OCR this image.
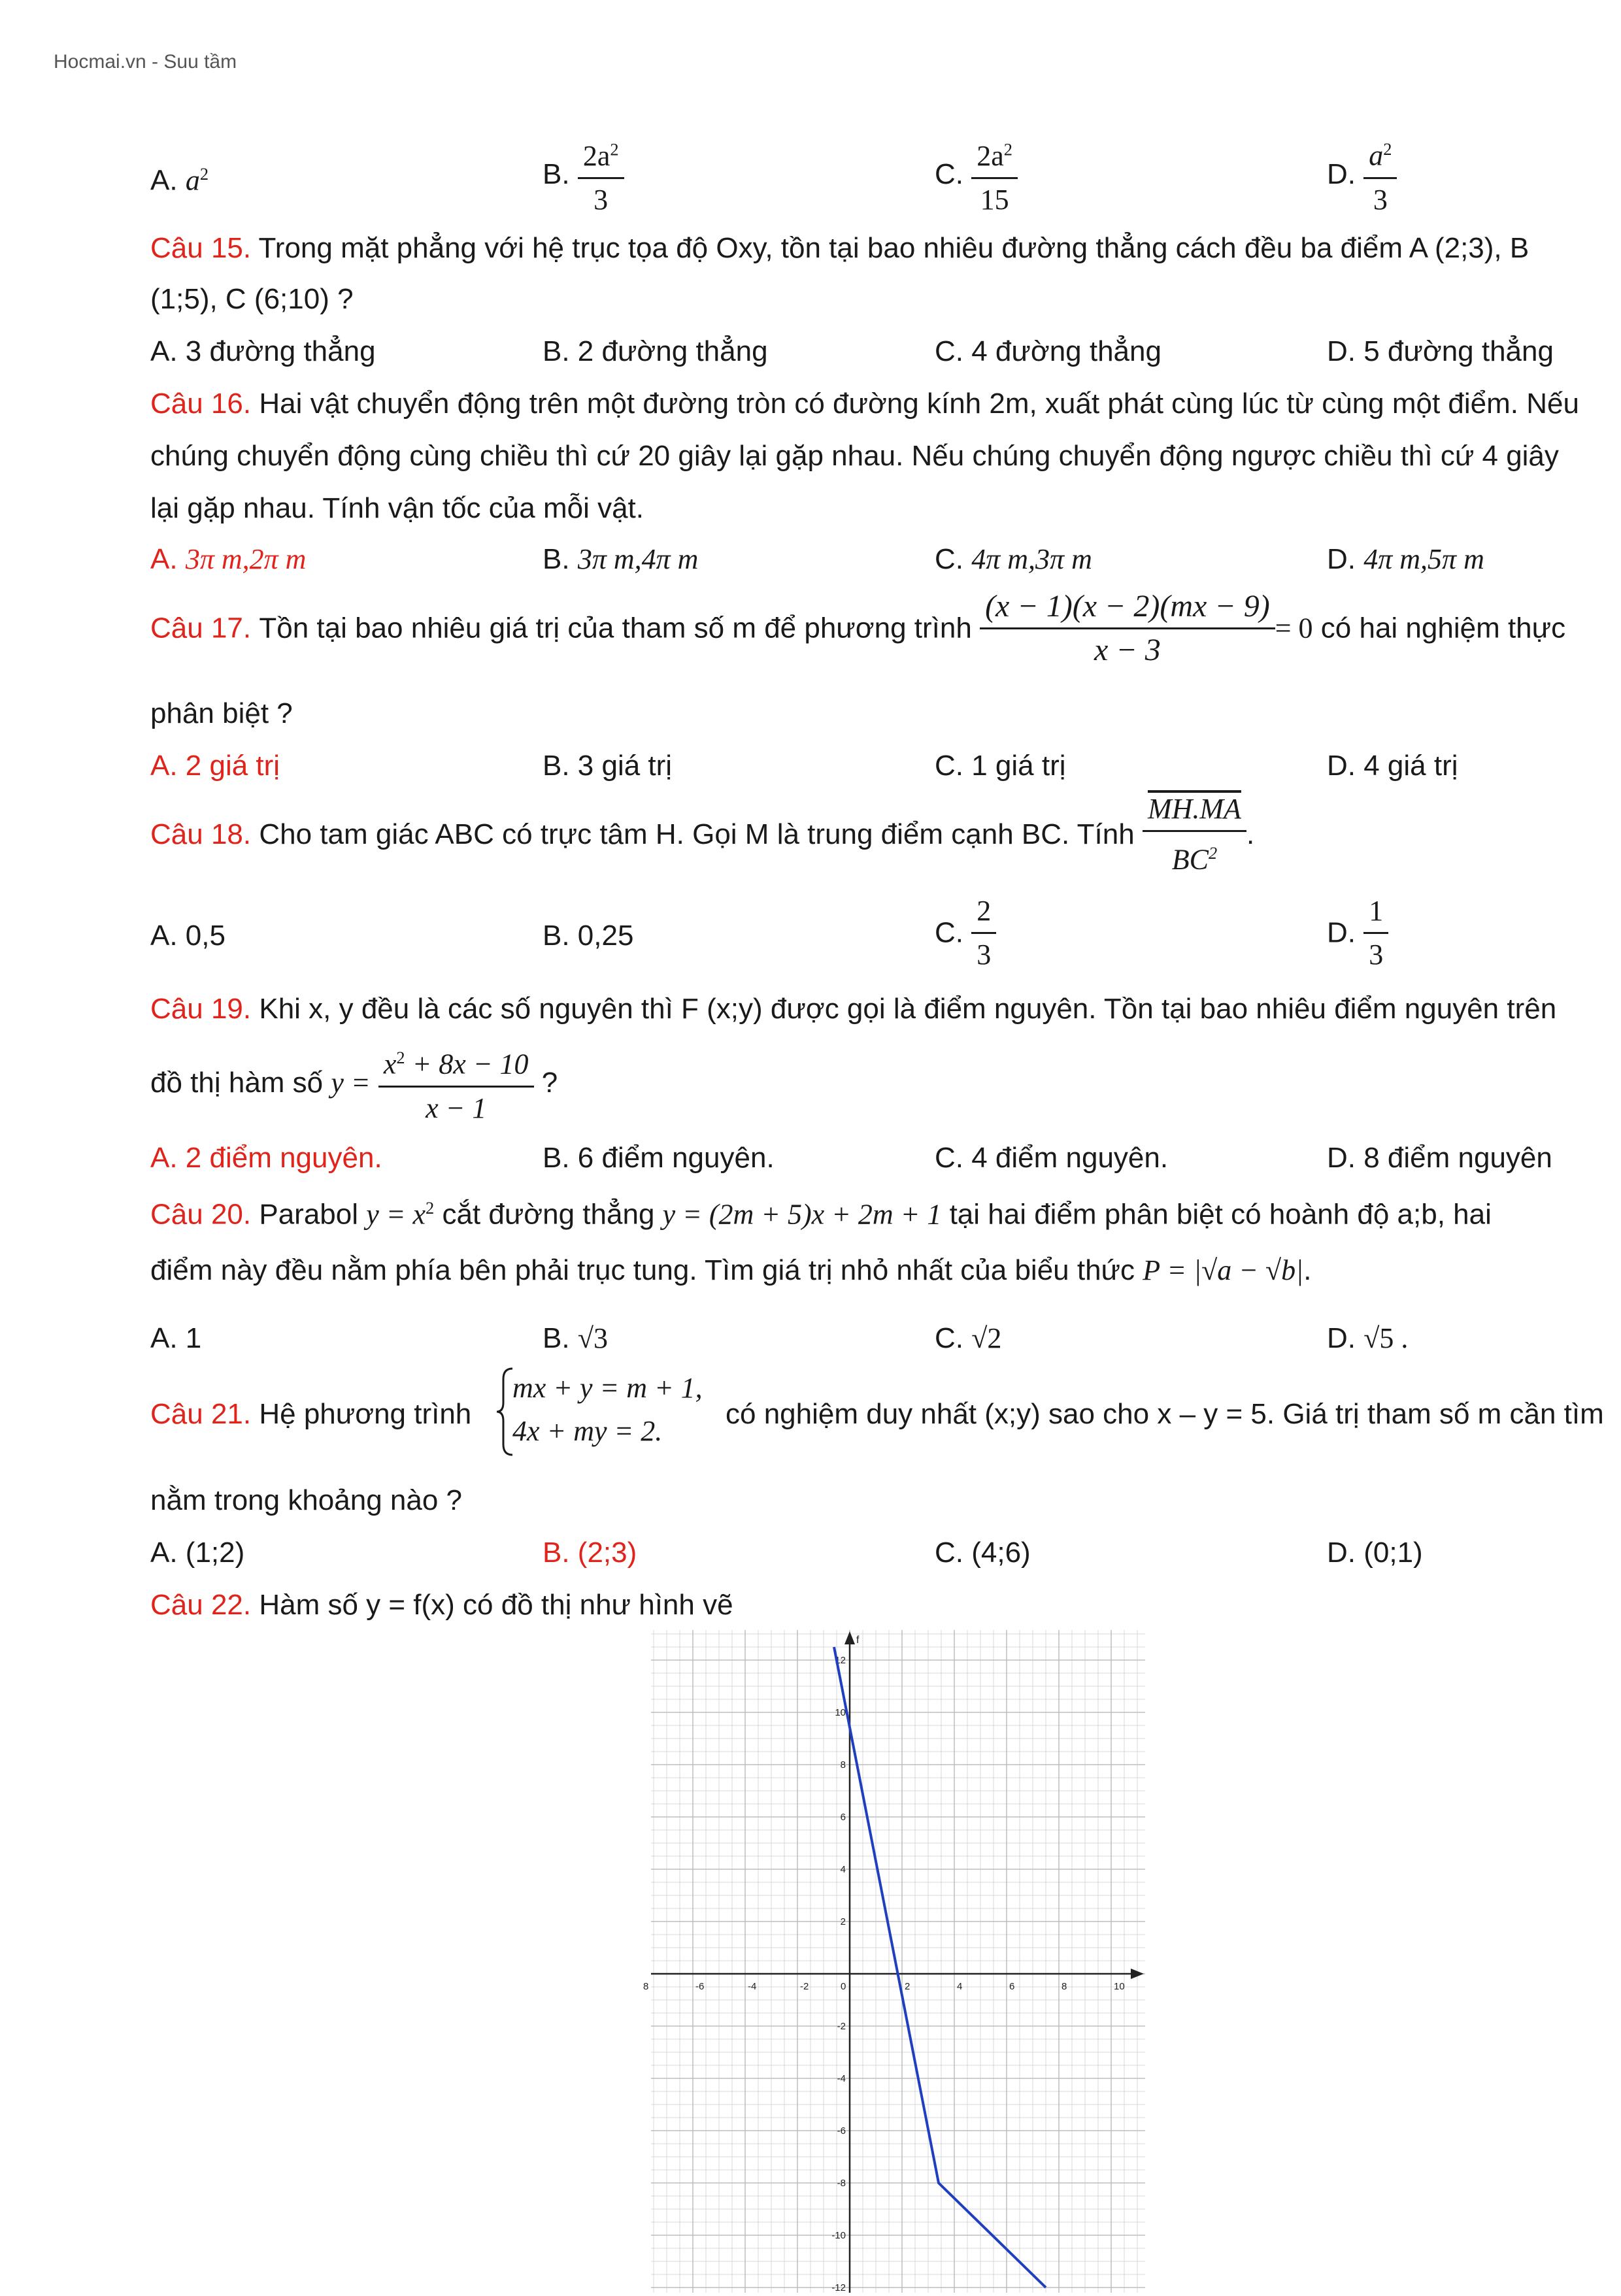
Hocmai.vn - Suu tầm
A. $a^2$	B. $\frac{2a^2}{3}$	C. $\frac{2a^2}{15}$	D. $\frac{a^2}{3}$
Câu 15. Trong mặt phẳng với hệ trục tọa độ Oxy, tồn tại bao nhiêu đường thẳng cách đều ba điểm A (2;3), B
(1;5), C (6;10) ?
A. 3 đường thẳng	B. 2 đường thẳng	C. 4 đường thẳng	D. 5 đường thẳng
Câu 16. Hai vật chuyển động trên một đường tròn có đường kính 2m, xuất phát cùng lúc từ cùng một điểm. Nếu
chúng chuyển động cùng chiều thì cứ 20 giây lại gặp nhau. Nếu chúng chuyển động ngược chiều thì cứ 4 giây
lại gặp nhau. Tính vận tốc của mỗi vật.
A. 3π m,2π m	B. 3π m,4π m	C. 4π m,3π m	D. 4π m,5π m
Câu 17. Tồn tại bao nhiêu giá trị của tham số m để phương trình $\frac{(x - 1)(x - 2)(mx - 9)}{x - 3} = 0$ có hai nghiệm thực
phân biệt ?
A. 2 giá trị	B. 3 giá trị	C. 1 giá trị	D. 4 giá trị
Câu 18. Cho tam giác ABC có trực tâm H. Gọi M là trung điểm cạnh BC. Tính $\frac{MH.MA}{BC^2}$ .
A. 0,5	B. 0,25	C. $\frac{2}{3}$	D. $\frac{1}{3}$
Câu 19. Khi x, y đều là các số nguyên thì F (x;y) được gọi là điểm nguyên. Tồn tại bao nhiêu điểm nguyên trên
đồ thị hàm số $y = \frac{x^2 + 8x - 10}{x - 1}$ ?
A. 2 điểm nguyên.	B. 6 điểm nguyên.	C. 4 điểm nguyên.	D. 8 điểm nguyên
Câu 20. Parabol $y = x^2$ cắt đường thẳng y = (2m + 5)x + 2m + 1 tại hai điểm phân biệt có hoành độ a;b, hai
điểm này đều nằm phía bên phải trục tung. Tìm giá trị nhỏ nhất của biểu thức P = |√a − √b|.
A. 1	B. √3	C. √2	D. √5 .
Câu 21. Hệ phương trình
mx + y = m + 1,
4x + my = 2.
có nghiệm duy nhất (x;y) sao cho x – y = 5. Giá trị tham số m cần tìm
nằm trong khoảng nào ?
A. (1;2)	B. (2;3)	C. (4;6)	D. (0;1)
Câu 22. Hàm số y = f(x) có đồ thị như hình vẽ
f
8	-6	-4	-2	0	2	4	6	8	10
12
10
8
6
4
2
-2
-4
-6
-8
-10
-12
